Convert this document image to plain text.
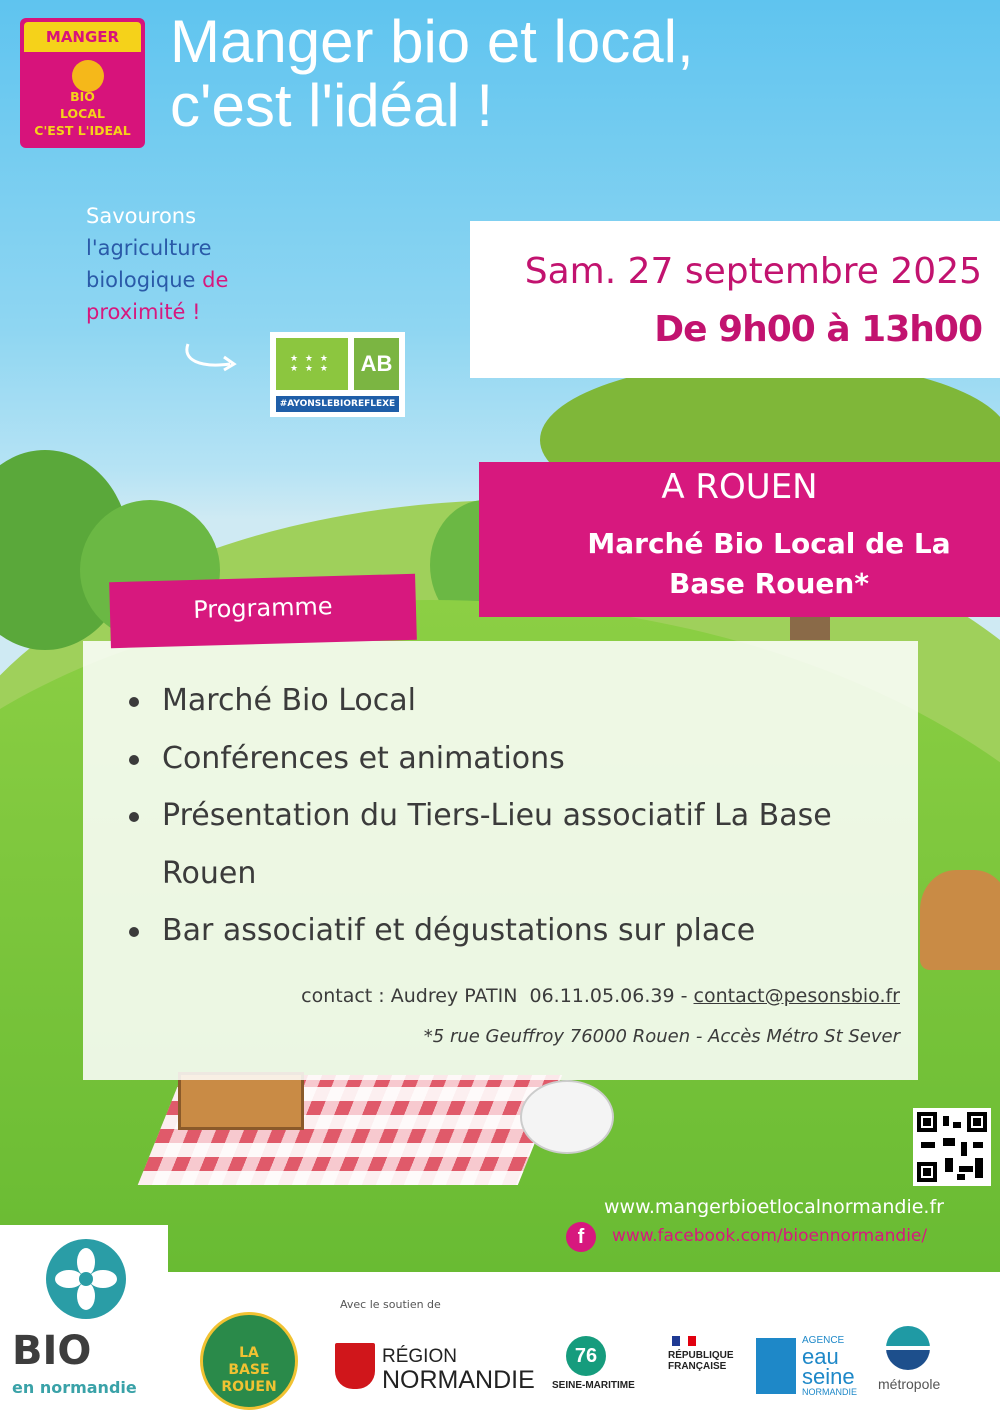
MANGER
BIO
LOCAL
C'EST L'IDEAL
Manger bio et local,
c'est l'idéal !
Savourons
l'agriculture
biologique de
proximité !
★ ★ ★
★ ★ ★	AB
#AYONSLEBIOREFLEXE
Sam. 27 septembre 2025
De 9h00 à 13h00
A ROUEN
Marché Bio Local de La Base Rouen*
Programme
Marché Bio Local
Conférences et animations
Présentation du Tiers-Lieu associatif La Base Rouen
Bar associatif et dégustations sur place
contact : Audrey PATIN 06.11.05.06.39 - contact@pesonsbio.fr
*5 rue Geuffroy 76000 Rouen - Accès Métro St Sever
www.mangerbioetlocalnormandie.fr
f	www.facebook.com/bioennormandie/
BIO
en normandie
Avec le soutien de
LA
BASE
ROUEN
RÉGION
NORMANDIE
76
SEINE-MARITIME
RÉPUBLIQUE
FRANÇAISE
AGENCE
eau
seine
NORMANDIE métropole
